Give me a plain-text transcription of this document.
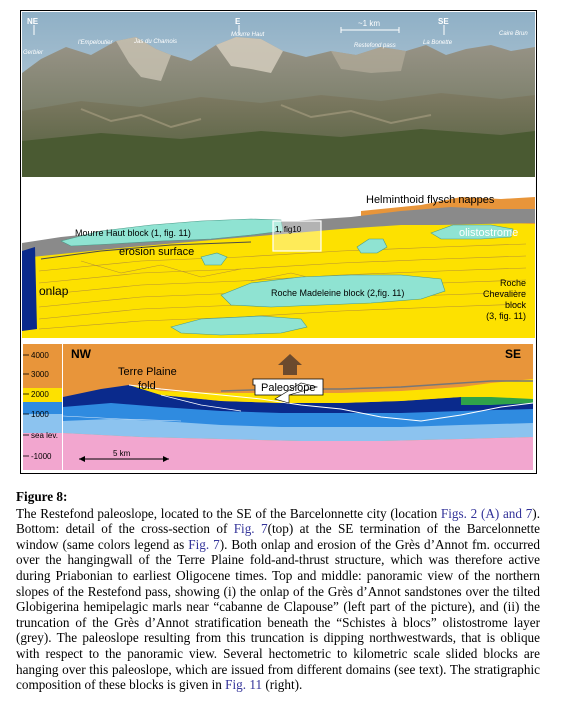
NE	E	SE
~1 km
Gerbier
l'Empeloutier	Jas du Chamois
Mourre Haut
Restefond pass	La Bonette
Caire Brun
Helminthoid flysch nappes
Mourre Haut block (1, fig. 11)	1, fig10	olistostrome
erosion surface
onlap	Roche Madeleine block (2,fig. 11)
Roche
Chevalière
block
(3, fig. 11)
4000
3000
2000
1000
sea lev.
-1000
Paleoslope
NW	SE
Terre Plaine
fold
5 km
Figure 8:
The Restefond paleoslope, located to the SE of the Barcelonnette city (location Figs. 2 (A) and 7). Bottom: detail of the cross-section of Fig. 7(top) at the SE termination of the Barcelonnette window (same colors legend as Fig. 7). Both onlap and erosion of the Grès d’Annot fm. occurred over the hangingwall of the Terre Plaine fold-and-thrust structure, which was therefore active during Priabonian to earliest Oligocene times. Top and middle: panoramic view of the northern slopes of the Restefond pass, showing (i) the onlap of the Grès d’Annot sandstones over the tilted Globigerina hemipelagic marls near “cabanne de Clapouse” (left part of the picture), and (ii) the truncation of the Grès d’Annot stratification beneath the “Schistes à blocs” olistostrome layer (grey). The paleoslope resulting from this truncation is dipping northwestwards, that is oblique with respect to the panoramic view. Several hectometric to kilometric scale slided blocks are hanging over this paleoslope, which are issued from different domains (see text). The stratigraphic composition of these blocks is given in Fig. 11 (right).
